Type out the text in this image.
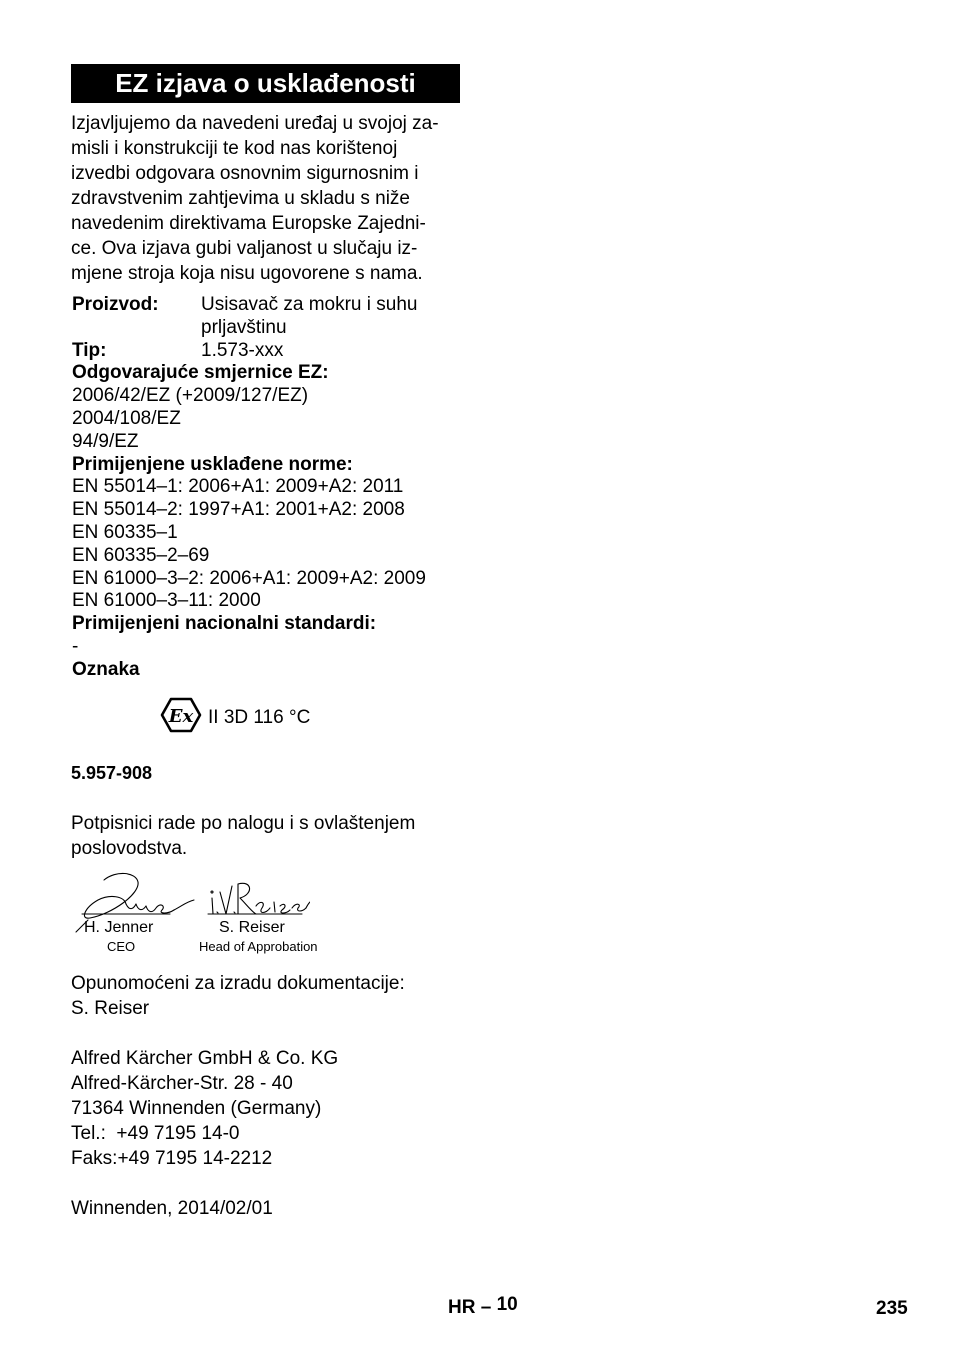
EZ izjava o usklađenosti
Izjavljujemo da navedeni uređaj u svojoj za-
misli i konstrukciji te kod nas korištenoj
izvedbi odgovara osnovnim sigurnosnim i
zdravstvenim zahtjevima u skladu s niže
navedenim direktivama Europske Zajedni-
ce. Ova izjava gubi valjanost u slučaju iz-
mjene stroja koja nisu ugovorene s nama.
Proizvod:	Usisavač za mokru i suhu
prljavštinu
Tip:	1.573-xxx
Odgovarajuće smjernice EZ:
2006/42/EZ (+2009/127/EZ)
2004/108/EZ
94/9/EZ
Primijenjene usklađene norme:
EN 55014–1: 2006+A1: 2009+A2: 2011
EN 55014–2: 1997+A1: 2001+A2: 2008
EN 60335–1
EN 60335–2–69
EN 61000–3–2: 2006+A1: 2009+A2: 2009
EN 61000–3–11: 2000
Primijenjeni nacionalni standardi:
-
Oznaka
Ex II 3D 116 °C
5.957-908
Potpisnici rade po nalogu i s ovlaštenjem
poslovodstva.
H. Jenner
CEO
S. Reiser
Head of Approbation
Opunomoćeni za izradu dokumentacije:
S. Reiser
Alfred Kärcher GmbH & Co. KG
Alfred-Kärcher-Str. 28 - 40
71364 Winnenden (Germany)
Tel.:  +49 7195 14-0
Faks:+49 7195 14-2212
Winnenden, 2014/02/01
HR – 10	235
